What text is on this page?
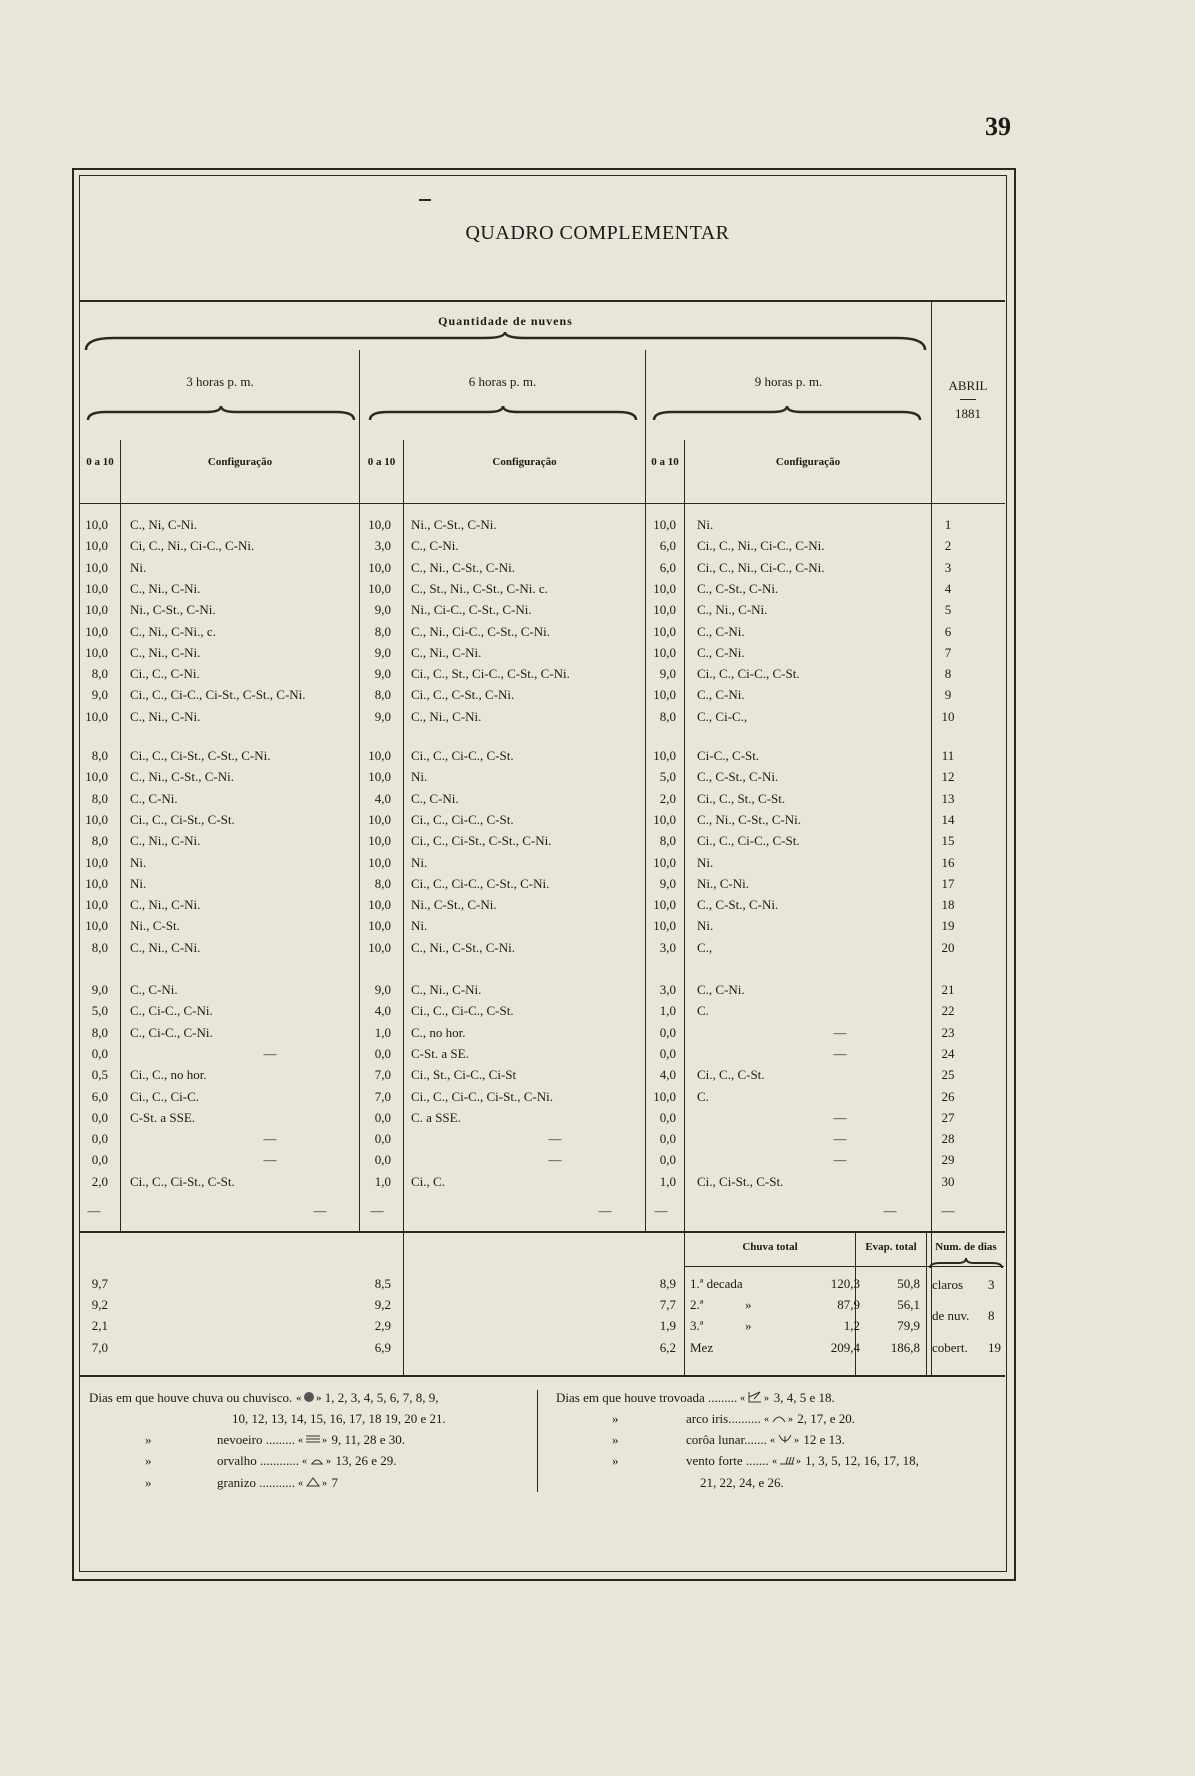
39
QUADRO COMPLEMENTAR
Quantidade de nuvens
3 horas p. m.	6 horas p. m.	9 horas p. m.	ABRIL
1881
0 a 10	Configuração	0 a 10	Configuração	0 a 10	Configuração
10,0 C., Ni, C-Ni.	10,0 Ni., C-St., C-Ni.	10,0 Ni.	1
10,0 Ci, C., Ni., Ci-C., C-Ni.	3,0 C., C-Ni.	6,0 Ci., C., Ni., Ci-C., C-Ni.	2
10,0 Ni.	10,0 C., Ni., C-St., C-Ni.	6,0 Ci., C., Ni., Ci-C., C-Ni.	3
10,0 C., Ni., C-Ni.	10,0 C., St., Ni., C-St., C-Ni. c.	10,0 C., C-St., C-Ni.	4
10,0 Ni., C-St., C-Ni.	9,0 Ni., Ci-C., C-St., C-Ni.	10,0 C., Ni., C-Ni.	5
10,0 C., Ni., C-Ni., c.	8,0 C., Ni., Ci-C., C-St., C-Ni.	10,0 C., C-Ni.	6
10,0 C., Ni., C-Ni.	9,0 C., Ni., C-Ni.	10,0 C., C-Ni.	7
8,0 Ci., C., C-Ni.	9,0 Ci., C., St., Ci-C., C-St., C-Ni.	9,0 Ci., C., Ci-C., C-St.	8
9,0 Ci., C., Ci-C., Ci-St., C-St., C-Ni.	8,0 Ci., C., C-St., C-Ni.	10,0 C., C-Ni.	9
10,0 C., Ni., C-Ni.	9,0 C., Ni., C-Ni.	8,0 C., Ci-C.,	10
8,0 Ci., C., Ci-St., C-St., C-Ni.	10,0 Ci., C., Ci-C., C-St.	10,0 Ci-C., C-St.	11
10,0 C., Ni., C-St., C-Ni.	10,0 Ni.	5,0 C., C-St., C-Ni.	12
8,0 C., C-Ni.	4,0 C., C-Ni.	2,0 Ci., C., St., C-St.	13
10,0 Ci., C., Ci-St., C-St.	10,0 Ci., C., Ci-C., C-St.	10,0 C., Ni., C-St., C-Ni.	14
8,0 C., Ni., C-Ni.	10,0 Ci., C., Ci-St., C-St., C-Ni.	8,0 Ci., C., Ci-C., C-St.	15
10,0 Ni.	10,0 Ni.	10,0 Ni.	16
10,0 Ni.	8,0 Ci., C., Ci-C., C-St., C-Ni.	9,0 Ni., C-Ni.	17
10,0 C., Ni., C-Ni.	10,0 Ni., C-St., C-Ni.	10,0 C., C-St., C-Ni.	18
10,0 Ni., C-St.	10,0 Ni.	10,0 Ni.	19
8,0 C., Ni., C-Ni.	10,0 C., Ni., C-St., C-Ni.	3,0 C.,	20
9,0 C., C-Ni.	9,0 C., Ni., C-Ni.	3,0 C., C-Ni.	21
5,0 C., Ci-C., C-Ni.	4,0 Ci., C., Ci-C., C-St.	1,0 C.	22
8,0 C., Ci-C., C-Ni.	1,0 C., no hor.	0,0	—	23
0,0	—	0,0 C-St. a SE.	0,0	—	24
0,5 Ci., C., no hor.	7,0 Ci., St., Ci-C., Ci-St	4,0 Ci., C., C-St.	25
6,0 Ci., C., Ci-C.	7,0 Ci., C., Ci-C., Ci-St., C-Ni.	10,0 C.	26
0,0 C-St. a SSE.	0,0 C. a SSE.	0,0	—	27
0,0	—	0,0	—	0,0	—	28
0,0	—	0,0	—	0,0	—	29
2,0 Ci., C., Ci-St., C-St.	1,0 Ci., C.	1,0 Ci., Ci-St., C-St.	30
—	—	—	—	—	—	—
Chuva total	Evap. total	Num. de dias
9,7	8,5	8,9 1.ª decada	120,3	50,8
9,2	9,2	7,7 2.ª	»	87,9	56,1
2,1	2,9	1,9 3.ª	»	1,2	79,9
7,0	6,9	6,2 Mez	209,4	186,8
claros 3
de nuv. 8
cobert. 19
Dias em que houve chuva ou chuvisco. « » 1, 2, 3, 4, 5, 6, 7, 8, 9,
10, 12, 13, 14, 15, 16, 17, 18 19, 20 e 21.
»	nevoeiro ......... « » 9, 11, 28 e 30.
»	orvalho ............ « » 13, 26 e 29.
»	granizo ........... « » 7
Dias em que houve trovoada ......... « » 3, 4, 5 e 18.
»	arco iris.......... « » 2, 17, e 20.
»	corôa lunar....... « » 12 e 13.
»	vento forte ....... « » 1, 3, 5, 12, 16, 17, 18,
21, 22, 24, e 26.
